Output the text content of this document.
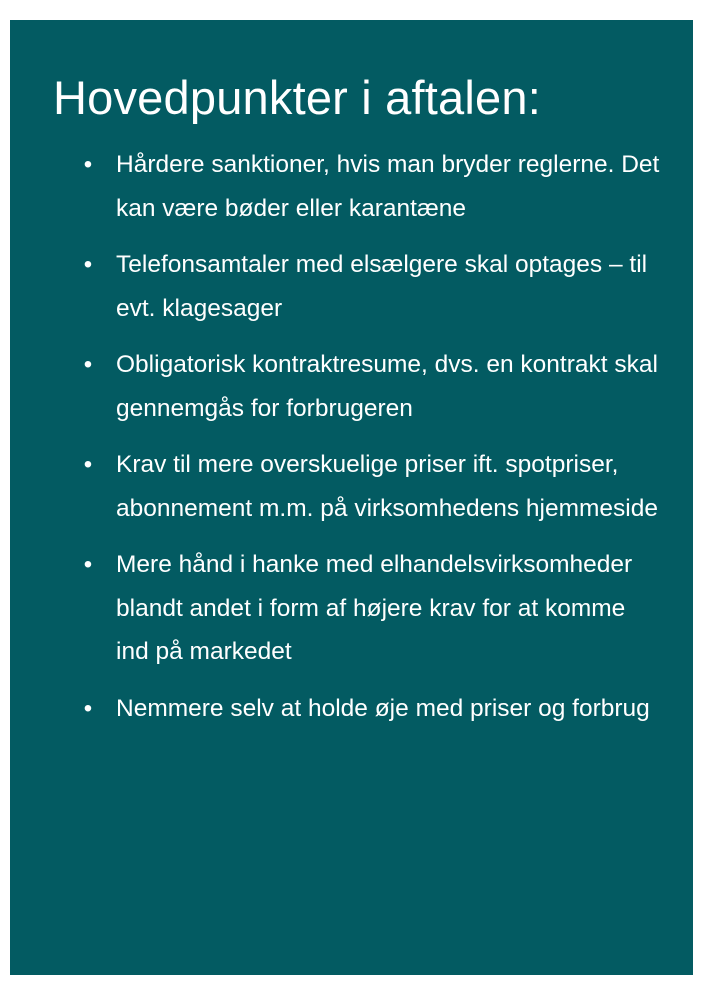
Hovedpunkter i aftalen:
• Hårdere sanktioner, hvis man bryder reglerne. Det kan være bøder eller karantæne
• Telefonsamtaler med elsælgere skal optages – til evt. klagesager
• Obligatorisk kontraktresume, dvs. en kontrakt skal gennemgås for forbrugeren
• Krav til mere overskuelige priser ift. spotpriser, abonnement m.m. på virksomhedens hjemmeside
• Mere hånd i hanke med elhandelsvirksomheder blandt andet i form af højere krav for at komme ind på markedet
• Nemmere selv at holde øje med priser og forbrug
